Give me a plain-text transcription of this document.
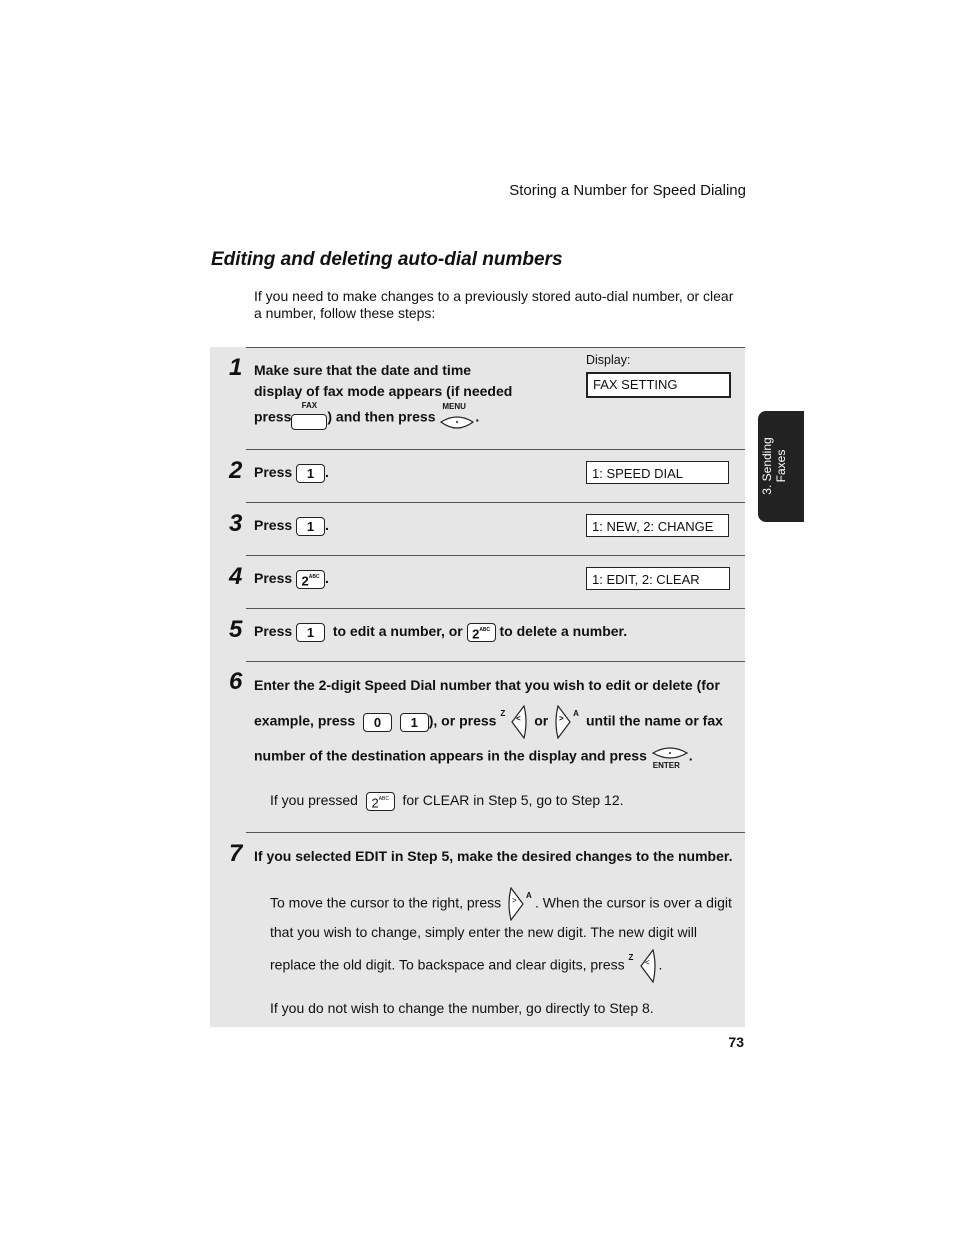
Storing a Number for Speed Dialing
Editing and deleting auto-dial numbers
If you need to make changes to a previously stored auto-dial number, or clear a number, follow these steps:
1 Make sure that the date and time
display of fax mode appears (if needed
press
FAX
) and then press
MENU
.
Display:
FAX SETTING
2 Press 1 .	1: SPEED DIAL
3 Press 1 .	1: NEW, 2: CHANGE
4 Press $2^{ABC}$ .	1: EDIT, 2: CLEAR
5 Press 1 to edit a number, or $2^{ABC}$ to delete a number.
6 Enter the 2-digit Speed Dial number that you wish to edit or delete (for
example, press 0 1 ), or press Z
< or	A
> until the name or fax
number of the destination appears in the display and press
ENTER
.
If you pressed $2^{ABC}$ for CLEAR in Step 5, go to Step 12.
7 If you selected EDIT in Step 5, make the desired changes to the number.
To move the cursor to the right, press	A
> . When the cursor is over a digit
that you wish to change, simply enter the new digit. The new digit will
replace the old digit. To backspace and clear digits, press Z
< .
If you do not wish to change the number, go directly to Step 8.
3. Sending Faxes
73
